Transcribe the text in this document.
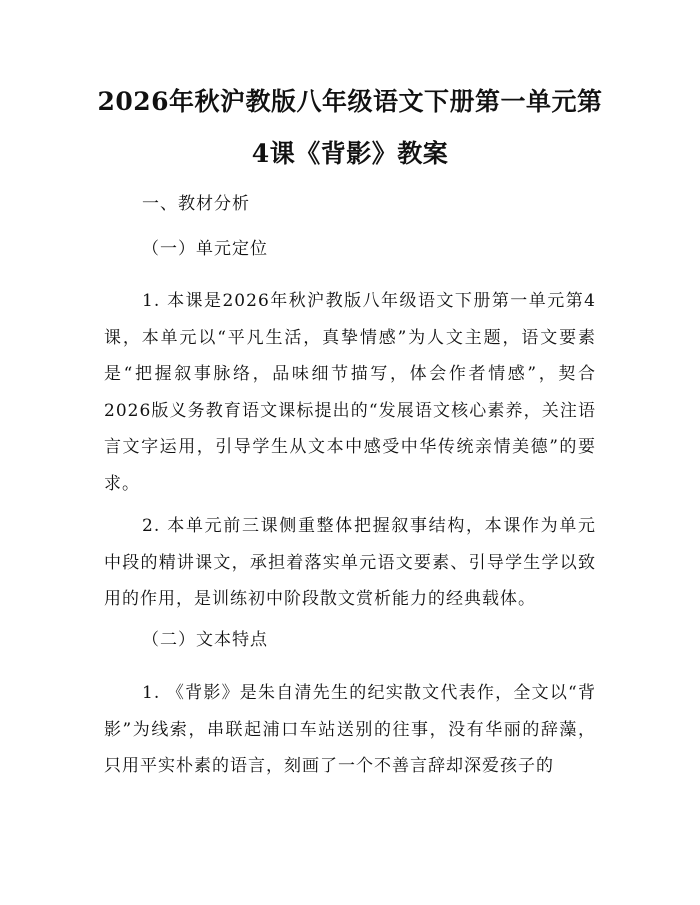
2026年秋沪教版八年级语文下册第一单元第
4课《背影》教案

一、教材分析

（一）单元定位

1. 本课是2026年秋沪教版八年级语文下册第一单元第4课，本单元以“平凡生活，真挚情感”为人文主题，语文要素是“把握叙事脉络，品味细节描写，体会作者情感”，契合2026版义务教育语文课标提出的“发展语文核心素养，关注语言文字运用，引导学生从文本中感受中华传统亲情美德”的要求。

2. 本单元前三课侧重整体把握叙事结构，本课作为单元中段的精讲课文，承担着落实单元语文要素、引导学生学以致用的作用，是训练初中阶段散文赏析能力的经典载体。

（二）文本特点

1. 《背影》是朱自清先生的纪实散文代表作，全文以“背影”为线索，串联起浦口车站送别的往事，没有华丽的辞藻，只用平实朴素的语言，刻画了一个不善言辞却深爱孩子的
